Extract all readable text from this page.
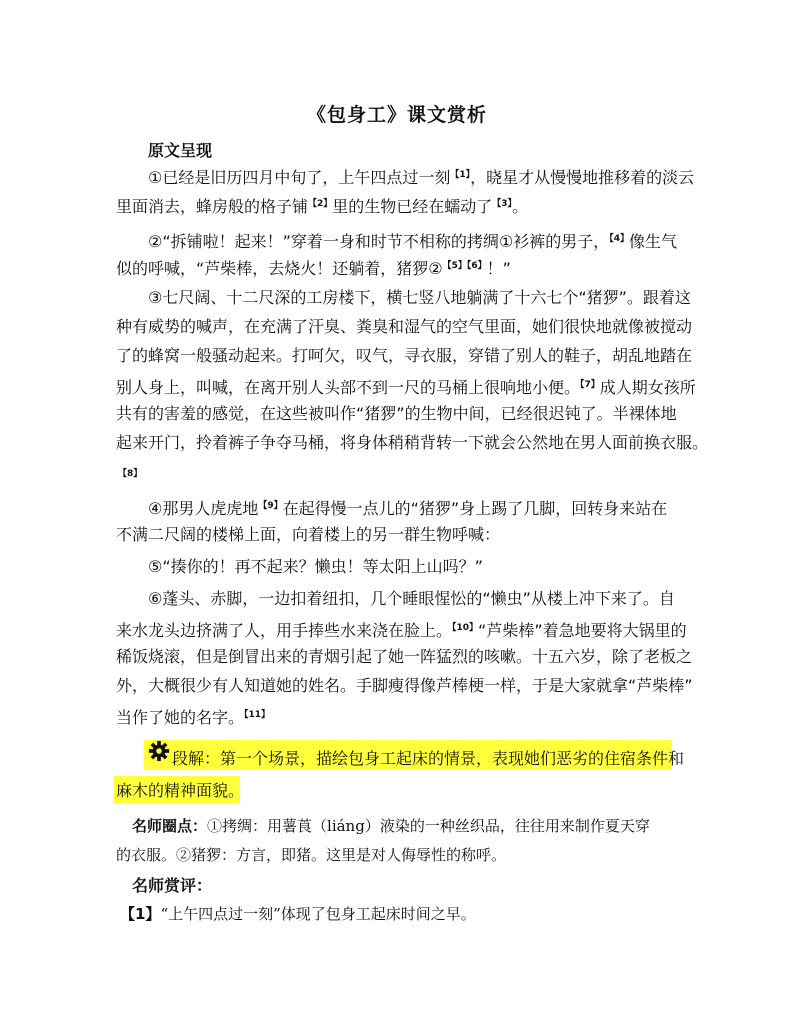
《包身工》课文赏析
原文呈现
①已经是旧历四月中旬了，上午四点过一刻$^{【1】}$，晓星才从慢慢地推移着的淡云
里面消去，蜂房般的格子铺$^{【2】}$里的生物已经在蠕动了$^{【3】}$。
②“拆铺啦！起来！”穿着一身和时节不相称的拷绸①衫裤的男子，$^{【4】}$像生气
似的呼喊，“芦柴棒，去烧火！还躺着，猪猡②$^{【5】【6】}$！”
③七尺阔、十二尺深的工房楼下，横七竖八地躺满了十六七个“猪猡”。跟着这
种有威势的喊声，在充满了汗臭、粪臭和湿气的空气里面，她们很快地就像被搅动
了的蜂窝一般骚动起来。打呵欠，叹气，寻衣服，穿错了别人的鞋子，胡乱地踏在
别人身上，叫喊，在离开别人头部不到一尺的马桶上很响地小便。$^{【7】}$成人期女孩所
共有的害羞的感觉，在这些被叫作“猪猡”的生物中间，已经很迟钝了。半裸体地
起来开门，拎着裤子争夺马桶，将身体稍稍背转一下就会公然地在男人面前换衣服。
【8】
④那男人虎虎地$^{【9】}$在起得慢一点儿的“猪猡”身上踢了几脚，回转身来站在
不满二尺阔的楼梯上面，向着楼上的另一群生物呼喊：
⑤“揍你的！再不起来？懒虫！等太阳上山吗？”
⑥蓬头、赤脚，一边扣着纽扣，几个睡眼惺忪的“懒虫”从楼上冲下来了。自
来水龙头边挤满了人，用手捧些水来浇在脸上。$^{【10】}$“芦柴棒”着急地要将大锅里的
稀饭烧滚，但是倒冒出来的青烟引起了她一阵猛烈的咳嗽。十五六岁，除了老板之
外，大概很少有人知道她的姓名。手脚瘦得像芦棒梗一样，于是大家就拿“芦柴棒”
当作了她的名字。$^{【11】}$
段解：第一个场景，描绘包身工起床的情景，表现她们恶劣的住宿条件和
麻木的精神面貌。
名师圈点：①拷绸：用薯莨（liáng）液染的一种丝织品，往往用来制作夏天穿
的衣服。②猪猡：方言，即猪。这里是对人侮辱性的称呼。
名师赏评：
【1】“上午四点过一刻”体现了包身工起床时间之早。
